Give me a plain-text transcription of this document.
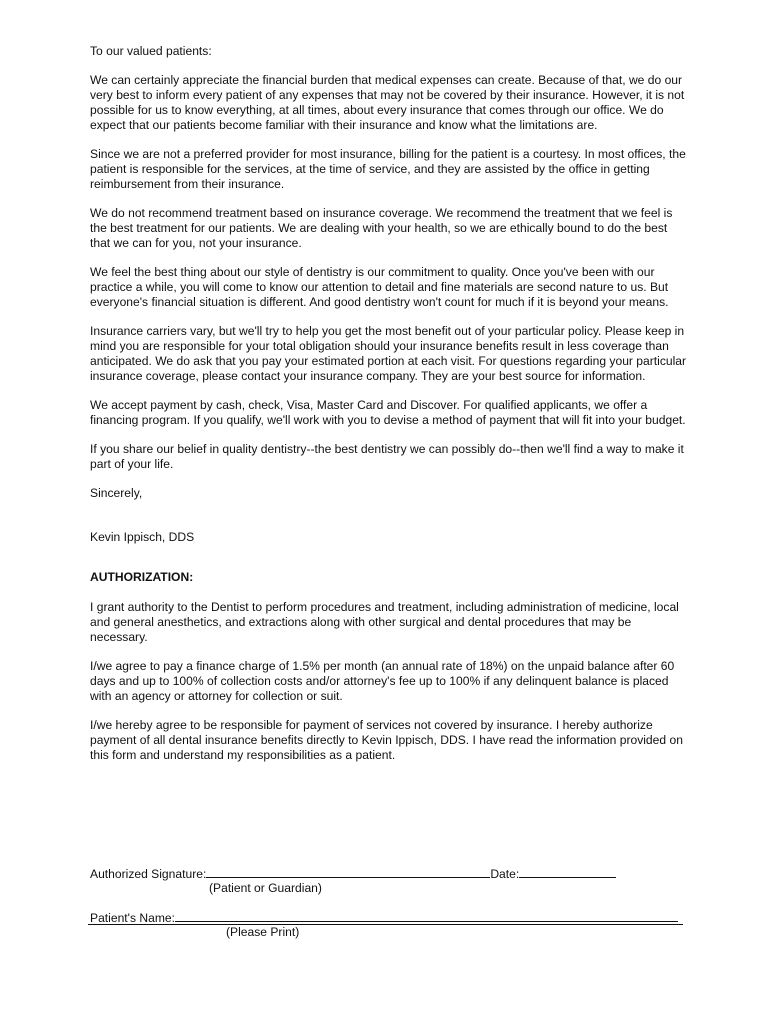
To our valued patients:

We can certainly appreciate the financial burden that medical expenses can create. Because of that, we do our very best to inform every patient of any expenses that may not be covered by their insurance. However, it is not possible for us to know everything, at all times, about every insurance that comes through our office. We do expect that our patients become familiar with their insurance and know what the limitations are.

Since we are not a preferred provider for most insurance, billing for the patient is a courtesy. In most offices, the patient is responsible for the services, at the time of service, and they are assisted by the office in getting reimbursement from their insurance.

We do not recommend treatment based on insurance coverage. We recommend the treatment that we feel is the best treatment for our patients. We are dealing with your health, so we are ethically bound to do the best that we can for you, not your insurance.

We feel the best thing about our style of dentistry is our commitment to quality. Once you've been with our practice a while, you will come to know our attention to detail and fine materials are second nature to us. But everyone's financial situation is different. And good dentistry won't count for much if it is beyond your means.

Insurance carriers vary, but we'll try to help you get the most benefit out of your particular policy. Please keep in mind you are responsible for your total obligation should your insurance benefits result in less coverage than anticipated. We do ask that you pay your estimated portion at each visit. For questions regarding your particular insurance coverage, please contact your insurance company. They are your best source for information.

We accept payment by cash, check, Visa, Master Card and Discover. For qualified applicants, we offer a financing program. If you qualify, we'll work with you to devise a method of payment that will fit into your budget.

If you share our belief in quality dentistry--the best dentistry we can possibly do--then we'll find a way to make it part of your life.

Sincerely,

Kevin Ippisch, DDS

AUTHORIZATION:

I grant authority to the Dentist to perform procedures and treatment, including administration of medicine, local and general anesthetics, and extractions along with other surgical and dental procedures that may be necessary.

I/we agree to pay a finance charge of 1.5% per month (an annual rate of 18%) on the unpaid balance after 60 days and up to 100% of collection costs and/or attorney's fee up to 100% if any delinquent balance is placed with an agency or attorney for collection or suit.

I/we hereby agree to be responsible for payment of services not covered by insurance. I hereby authorize payment of all dental insurance benefits directly to Kevin Ippisch, DDS. I have read the information provided on this form and understand my responsibilities as a patient.

Authorized Signature:	Date:
(Patient or Guardian)
Patient's Name:
(Please Print)
